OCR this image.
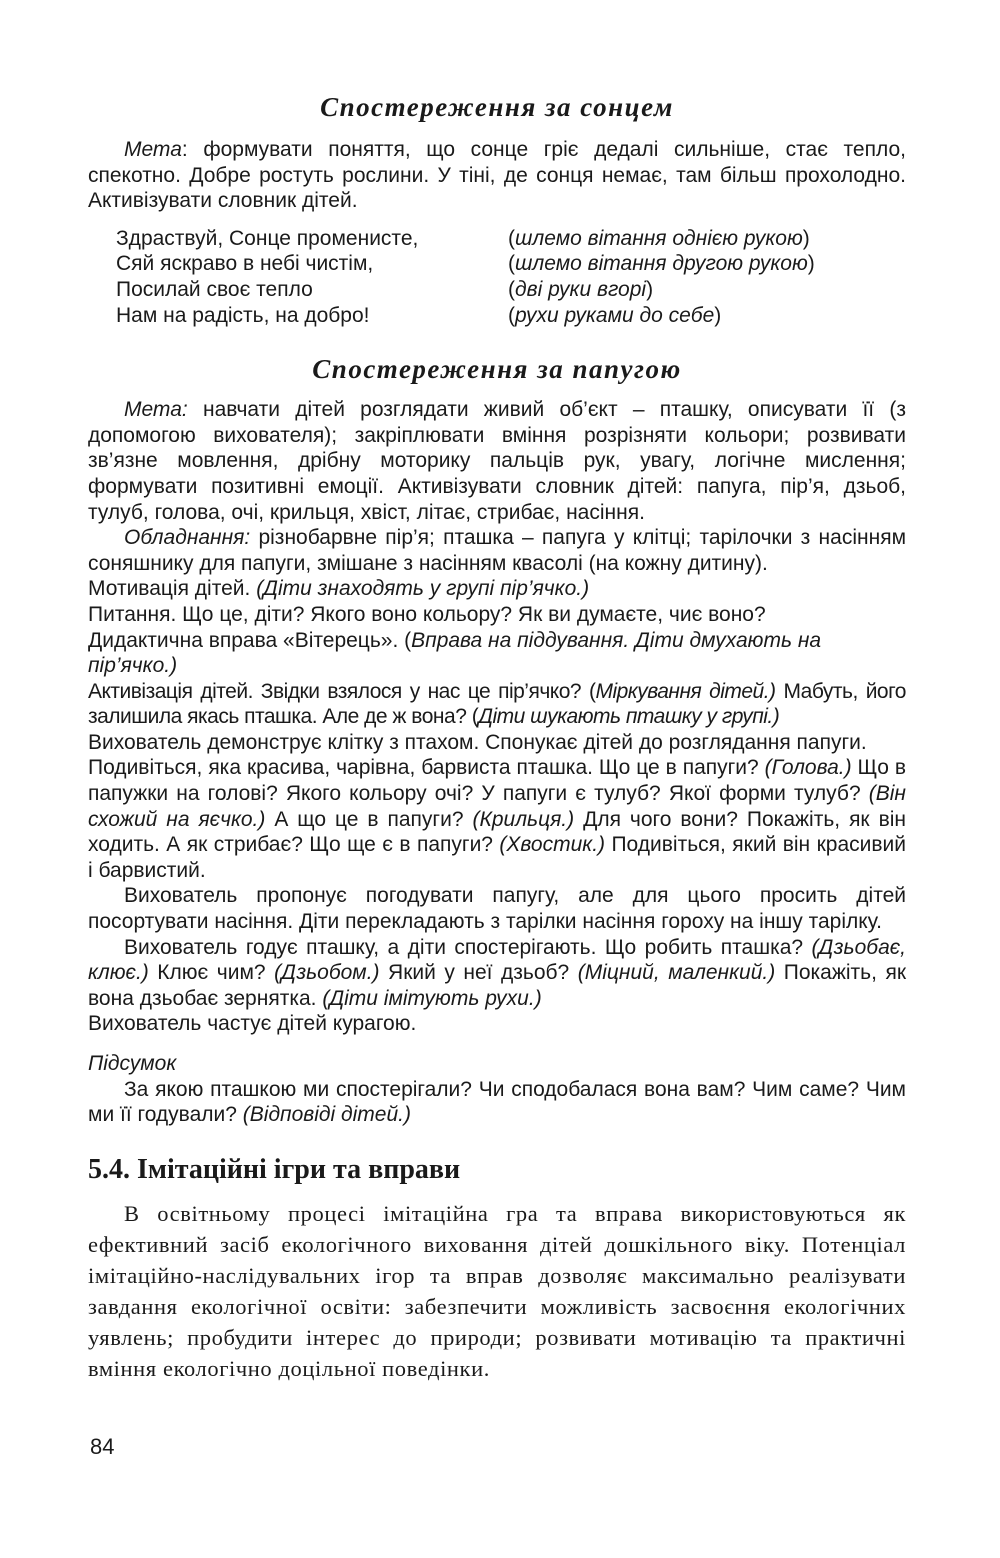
Спостереження за сонцем
Мета: формувати поняття, що сонце гріє дедалі сильніше, стає тепло, спекотно. Добре ростуть рослини. У тіні, де сонця немає, там більш прохолодно. Активізувати словник дітей.
Здраствуй, Сонце променисте,	(шлемо вітання однією рукою)
Сяй яскраво в небі чистім,	(шлемо вітання другою рукою)
Посилай своє тепло	(дві руки вгорі)
Нам на радість, на добро!	(рухи руками до себе)
Спостереження за папугою

Мета: навчати дітей розглядати живий об’єкт – пташку, описувати її (з допомогою вихователя); закріплювати вміння розрізняти кольори; розвивати зв’язне мовлення, дрібну моторику пальців рук, увагу, логічне мислення; формувати позитивні емоції. Активізувати словник дітей: папуга, пір’я, дзьоб, тулуб, голова, очі, крильця, хвіст, літає, стрибає, насіння.

Обладнання: різнобарвне пір’я; пташка – папуга у клітці; тарілочки з насінням соняшнику для папуги, змішане з насінням квасолі (на кожну дитину).

Мотивація дітей. (Діти знаходять у групі пір’ячко.)

Питання. Що це, діти? Якого воно кольору? Як ви думаєте, чиє воно?

Дидактична вправа «Вітерець». (Вправа на піддування. Діти дмухають на пір’ячко.)

Активізація дітей. Звідки взялося у нас це пір’ячко? (Міркування дітей.) Мабуть, його залишила якась пташка. Але де ж вона? (Діти шукають пташку у групі.)

Вихователь демонструє клітку з птахом. Спонукає дітей до розглядання папуги.

Подивіться, яка красива, чарівна, барвиста пташка. Що це в папуги? (Голова.) Що в папужки на голові? Якого кольору очі? У папуги є тулуб? Якої форми тулуб? (Він схожий на яєчко.) А що це в папуги? (Крильця.) Для чого вони? Покажіть, як він ходить. А як стрибає? Що ще є в папуги? (Хвостик.) Подивіться, який він красивий і барвистий.

Вихователь пропонує погодувати папугу, але для цього просить дітей посортувати насіння. Діти перекладають з тарілки насіння гороху на іншу тарілку.

Вихователь годує пташку, а діти спостерігають. Що робить пташка? (Дзьобає, клює.) Клює чим? (Дзьобом.) Який у неї дзьоб? (Міцний, маленкий.) Покажіть, як вона дзьобає зернятка. (Діти імітують рухи.)

Вихователь частує дітей курагою.

Підсумок

За якою пташкою ми спостерігали? Чи сподобалася вона вам? Чим саме? Чим ми її годували? (Відповіді дітей.)

5.4. Імітаційні ігри та вправи

В освітньому процесі імітаційна гра та вправа використовуються як ефективний засіб екологічного виховання дітей дошкільного віку. Потенціал імітаційно-наслідувальних ігор та вправ дозволяє максимально реалізувати завдання екологічної освіти: забезпечити можливість засвоєння екологічних уявлень; пробудити інтерес до природи; розвивати мотивацію та практичні вміння екологічно доцільної поведінки.

84
